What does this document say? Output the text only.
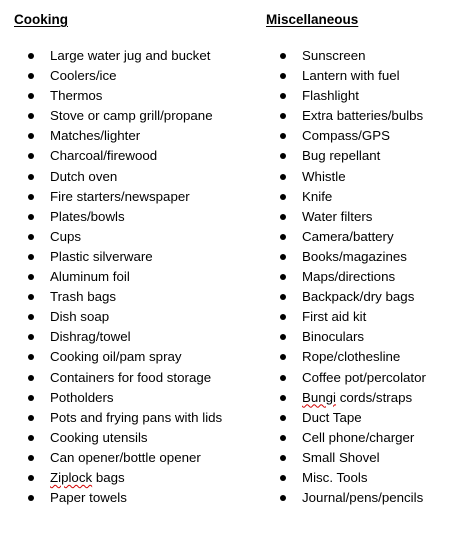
Cooking
Large water jug and bucket
Coolers/ice
Thermos
Stove or camp grill/propane
Matches/lighter
Charcoal/firewood
Dutch oven
Fire starters/newspaper
Plates/bowls
Cups
Plastic silverware
Aluminum foil
Trash bags
Dish soap
Dishrag/towel
Cooking oil/pam spray
Containers for food storage
Potholders
Pots and frying pans with lids
Cooking utensils
Can opener/bottle opener
Ziplock bags
Paper towels
Miscellaneous
Sunscreen
Lantern with fuel
Flashlight
Extra batteries/bulbs
Compass/GPS
Bug repellant
Whistle
Knife
Water filters
Camera/battery
Books/magazines
Maps/directions
Backpack/dry bags
First aid kit
Binoculars
Rope/clothesline
Coffee pot/percolator
Bungi cords/straps
Duct Tape
Cell phone/charger
Small Shovel
Misc. Tools
Journal/pens/pencils
